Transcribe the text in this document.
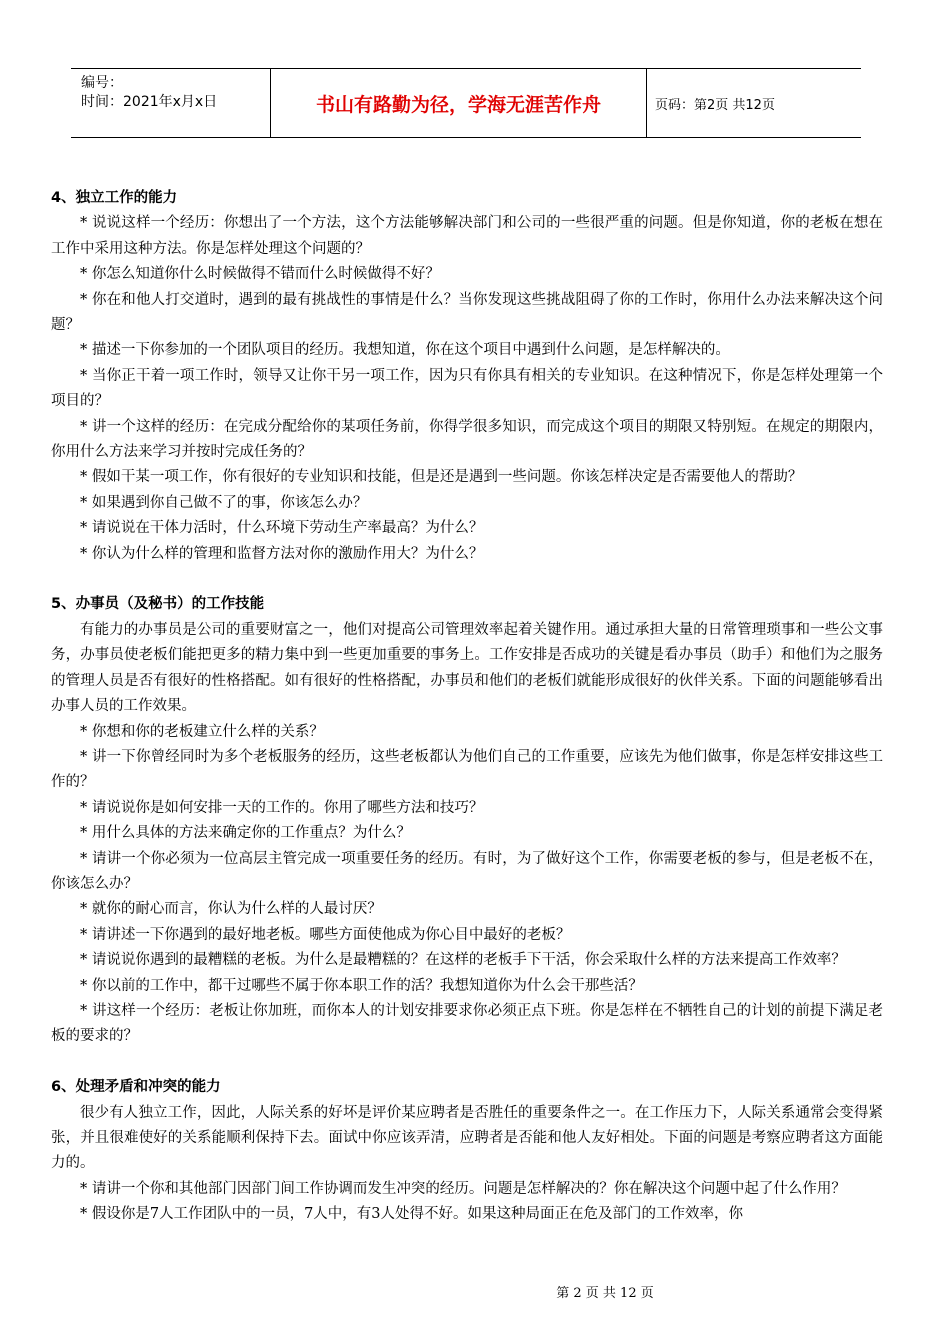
编号：
时间：2021年x月x日	书山有路勤为径，学海无涯苦作舟	页码：第2页 共12页

4、独立工作的能力

* 说说这样一个经历：你想出了一个方法，这个方法能够解决部门和公司的一些很严重的问题。但是你知道，你的老板在想在工作中采用这种方法。你是怎样处理这个问题的？

* 你怎么知道你什么时候做得不错而什么时候做得不好？

* 你在和他人打交道时，遇到的最有挑战性的事情是什么？当你发现这些挑战阻碍了你的工作时，你用什么办法来解决这个问题？

* 描述一下你参加的一个团队项目的经历。我想知道，你在这个项目中遇到什么问题，是怎样解决的。

* 当你正干着一项工作时，领导又让你干另一项工作，因为只有你具有相关的专业知识。在这种情况下，你是怎样处理第一个项目的？

* 讲一个这样的经历：在完成分配给你的某项任务前，你得学很多知识，而完成这个项目的期限又特别短。在规定的期限内，你用什么方法来学习并按时完成任务的？

* 假如干某一项工作，你有很好的专业知识和技能，但是还是遇到一些问题。你该怎样决定是否需要他人的帮助？

* 如果遇到你自己做不了的事，你该怎么办？

* 请说说在干体力活时，什么环境下劳动生产率最高？为什么？

* 你认为什么样的管理和监督方法对你的激励作用大？为什么？

5、办事员（及秘书）的工作技能

有能力的办事员是公司的重要财富之一，他们对提高公司管理效率起着关键作用。通过承担大量的日常管理琐事和一些公文事务，办事员使老板们能把更多的精力集中到一些更加重要的事务上。工作安排是否成功的关键是看办事员（助手）和他们为之服务的管理人员是否有很好的性格搭配。如有很好的性格搭配，办事员和他们的老板们就能形成很好的伙伴关系。下面的问题能够看出办事人员的工作效果。

* 你想和你的老板建立什么样的关系？

* 讲一下你曾经同时为多个老板服务的经历，这些老板都认为他们自己的工作重要，应该先为他们做事，你是怎样安排这些工作的？

* 请说说你是如何安排一天的工作的。你用了哪些方法和技巧？

* 用什么具体的方法来确定你的工作重点？为什么？

* 请讲一个你必须为一位高层主管完成一项重要任务的经历。有时，为了做好这个工作，你需要老板的参与，但是老板不在，你该怎么办？

* 就你的耐心而言，你认为什么样的人最讨厌？

* 请讲述一下你遇到的最好地老板。哪些方面使他成为你心目中最好的老板？

* 请说说你遇到的最糟糕的老板。为什么是最糟糕的？在这样的老板手下干活，你会采取什么样的方法来提高工作效率？

* 你以前的工作中，都干过哪些不属于你本职工作的活？我想知道你为什么会干那些活？

* 讲这样一个经历：老板让你加班，而你本人的计划安排要求你必须正点下班。你是怎样在不牺牲自己的计划的前提下满足老板的要求的？

6、处理矛盾和冲突的能力

很少有人独立工作，因此，人际关系的好坏是评价某应聘者是否胜任的重要条件之一。在工作压力下，人际关系通常会变得紧张，并且很难使好的关系能顺利保持下去。面试中你应该弄清，应聘者是否能和他人友好相处。下面的问题是考察应聘者这方面能力的。

* 请讲一个你和其他部门因部门间工作协调而发生冲突的经历。问题是怎样解决的？你在解决这个问题中起了什么作用？

* 假设你是7人工作团队中的一员，7人中，有3人处得不好。如果这种局面正在危及部门的工作效率，你

第 2 页 共 12 页
